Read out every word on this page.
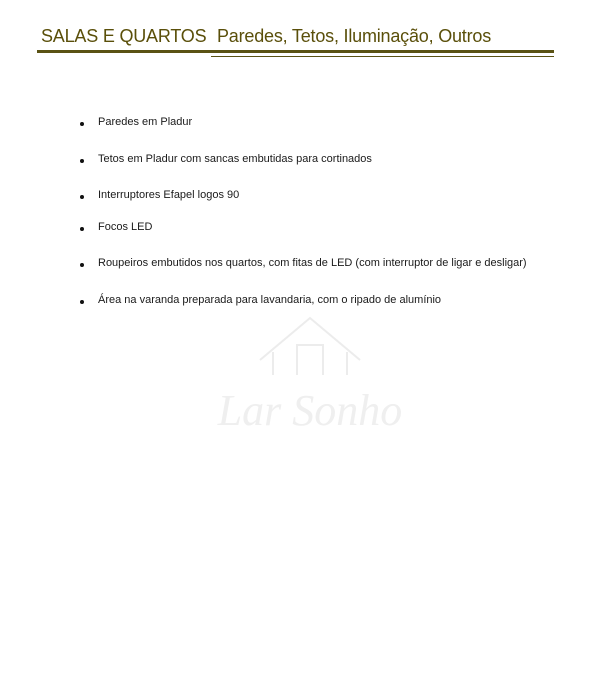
SALAS E QUARTOS Paredes, Tetos, Iluminação, Outros
Lar Sonho
Paredes em Pladur
Tetos em Pladur com sancas embutidas para cortinados
Interruptores Efapel logos 90
Focos LED
Roupeiros embutidos nos quartos, com fitas de LED (com interruptor de ligar e desligar)
Área na varanda preparada para lavandaria, com o ripado de alumínio
